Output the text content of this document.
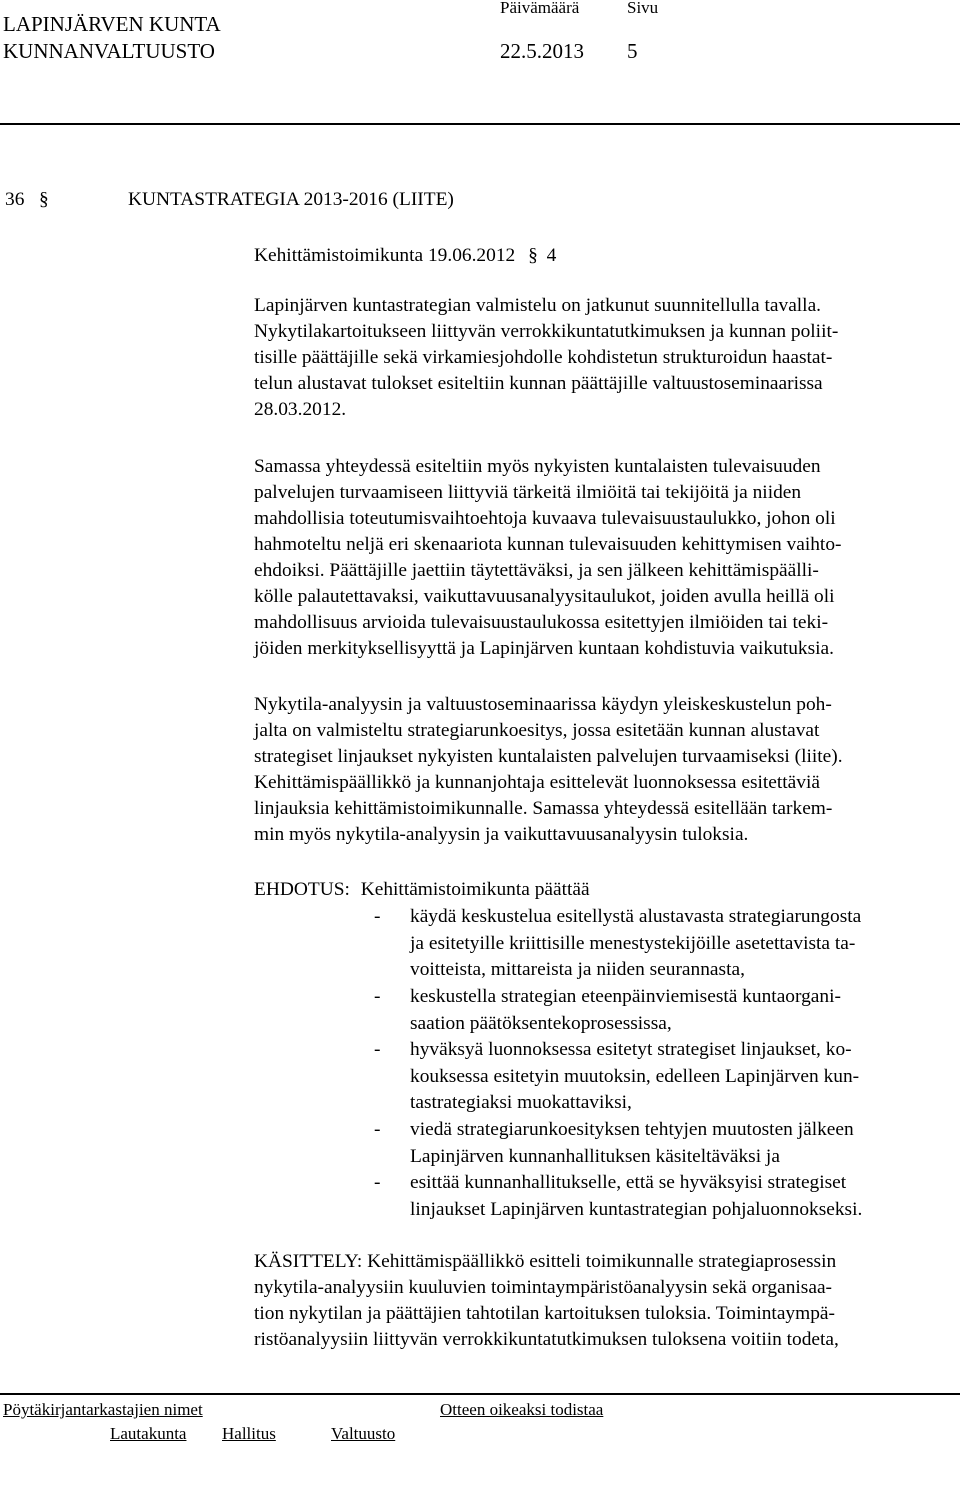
LAPINJÄRVEN KUNTA
KUNNANVALTUUSTO
Päivämäärä	Sivu
22.5.2013 5
36 §	KUNTASTRATEGIA 2013-2016 (LIITE)
Kehittämistoimikunta 19.06.2012 § 4
Lapinjärven kuntastrategian valmistelu on jatkunut suunnitellulla tavalla.
Nykytilakartoitukseen liittyvän verrokkikuntatutkimuksen ja kunnan poliit-
tisille päättäjille sekä virkamiesjohdolle kohdistetun strukturoidun haastat-
telun alustavat tulokset esiteltiin kunnan päättäjille valtuustoseminaarissa
28.03.2012.
Samassa yhteydessä esiteltiin myös nykyisten kuntalaisten tulevaisuuden
palvelujen turvaamiseen liittyviä tärkeitä ilmiöitä tai tekijöitä ja niiden
mahdollisia toteutumisvaihtoehtoja kuvaava tulevaisuustaulukko, johon oli
hahmoteltu neljä eri skenaariota kunnan tulevaisuuden kehittymisen vaihto-
ehdoiksi. Päättäjille jaettiin täytettäväksi, ja sen jälkeen kehittämispäälli-
kölle palautettavaksi, vaikuttavuusanalyysitaulukot, joiden avulla heillä oli
mahdollisuus arvioida tulevaisuustaulukossa esitettyjen ilmiöiden tai teki-
jöiden merkityksellisyyttä ja Lapinjärven kuntaan kohdistuvia vaikutuksia.
Nykytila-analyysin ja valtuustoseminaarissa käydyn yleiskeskustelun poh-
jalta on valmisteltu strategiarunkoesitys, jossa esitetään kunnan alustavat
strategiset linjaukset nykyisten kuntalaisten palvelujen turvaamiseksi (liite).
Kehittämispäällikkö ja kunnanjohtaja esittelevät luonnoksessa esitettäviä
linjauksia kehittämistoimikunnalle. Samassa yhteydessä esitellään tarkem-
min myös nykytila-analyysin ja vaikuttavuusanalyysin tuloksia.
EHDOTUS: Kehittämistoimikunta päättää
- käydä keskustelua esitellystä alustavasta strategiarungosta
ja esitetyille kriittisille menestystekijöille asetettavista ta-
voitteista, mittareista ja niiden seurannasta,
- keskustella strategian eteenpäinviemisestä kuntaorgani-
saation päätöksentekoprosessissa,
- hyväksyä luonnoksessa esitetyt strategiset linjaukset, ko-
kouksessa esitetyin muutoksin, edelleen Lapinjärven kun-
tastrategiaksi muokattaviksi,
- viedä strategiarunkoesityksen tehtyjen muutosten jälkeen
Lapinjärven kunnanhallituksen käsiteltäväksi ja
- esittää kunnanhallitukselle, että se hyväksyisi strategiset
linjaukset Lapinjärven kuntastrategian pohjaluonnokseksi.
KÄSITTELY: Kehittämispäällikkö esitteli toimikunnalle strategiaprosessin
nykytila-analyysiin kuuluvien toimintaympäristöanalyysin sekä organisaa-
tion nykytilan ja päättäjien tahtotilan kartoituksen tuloksia. Toimintaympä-
ristöanalyysiin liittyvän verrokkikuntatutkimuksen tuloksena voitiin todeta,
Pöytäkirjantarkastajien nimet	Otteen oikeaksi todistaa
Lautakunta Hallitus	Valtuusto
